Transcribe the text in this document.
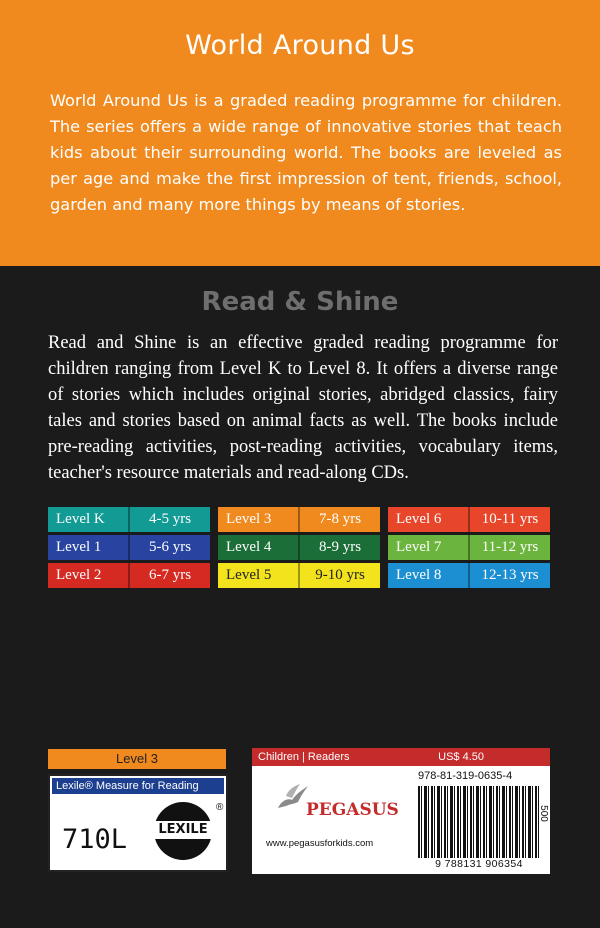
World Around Us
World Around Us is a graded reading programme for children. The series offers a wide range of innovative stories that teach kids about their surrounding world. The books are leveled as per age and make the first impression of tent, friends, school, garden and many more things by means of stories.
Read & Shine
Read and Shine is an effective graded reading programme for children ranging from Level K to Level 8. It offers a diverse range of stories which includes original stories, abridged classics, fairy tales and stories based on animal facts as well. The books include pre-reading activities, post-reading activities, vocabulary items, teacher's resource materials and read-along CDs.
Level K	4-5 yrs
Level 1	5-6 yrs
Level 2	6-7 yrs
Level 3	7-8 yrs
Level 4	8-9 yrs
Level 5	9-10 yrs
Level 6	10-11 yrs
Level 7	11-12 yrs
Level 8	12-13 yrs
Level 3
Lexile® Measure for Reading
710L	LEXILE
®
Children | Readers	US$ 4.50
PEGASUS
www.pegasusforkids.com
978-81-319-0635-4
9 788131 906354
500
